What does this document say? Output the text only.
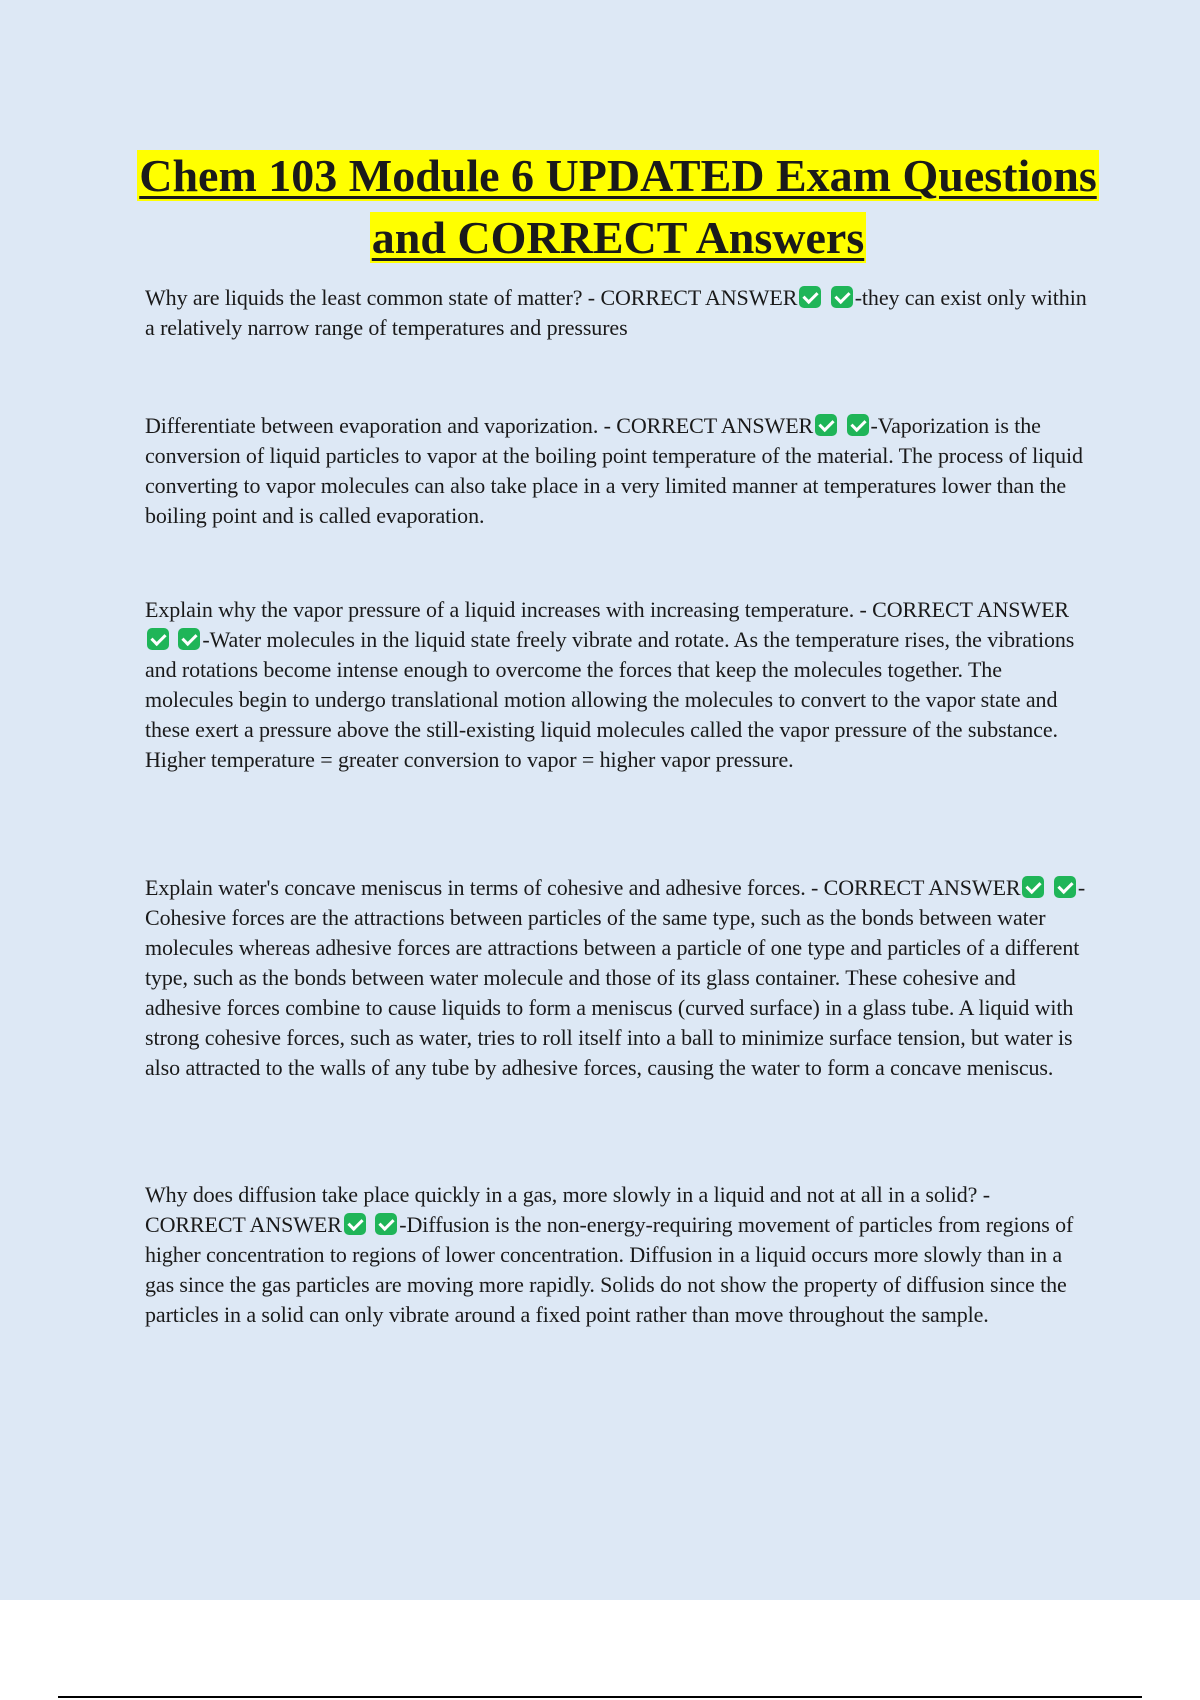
Chem 103 Module 6 UPDATED Exam Questions and CORRECT Answers

Why are liquids the least common state of matter? - CORRECT ANSWER	-they can exist only within a relatively narrow range of temperatures and pressures

Differentiate between evaporation and vaporization. - CORRECT ANSWER	-Vaporization is the conversion of liquid particles to vapor at the boiling point temperature of the material. The process of liquid converting to vapor molecules can also take place in a very limited manner at temperatures lower than the boiling point and is called evaporation.

Explain why the vapor pressure of a liquid increases with increasing temperature. - CORRECT ANSWER -Water molecules in the liquid state freely vibrate and rotate. As the temperature rises, the vibrations and rotations become intense enough to overcome the forces that keep the molecules together. The molecules begin to undergo translational motion allowing the molecules to convert to the vapor state and these exert a pressure above the still-existing liquid molecules called the vapor pressure of the substance. Higher temperature = greater conversion to vapor = higher vapor pressure.

Explain water's concave meniscus in terms of cohesive and adhesive forces. - CORRECT ANSWER	-Cohesive forces are the attractions between particles of the same type, such as the bonds between water molecules whereas adhesive forces are attractions between a particle of one type and particles of a different type, such as the bonds between water molecule and those of its glass container. These cohesive and adhesive forces combine to cause liquids to form a meniscus (curved surface) in a glass tube. A liquid with strong cohesive forces, such as water, tries to roll itself into a ball to minimize surface tension, but water is also attracted to the walls of any tube by adhesive forces, causing the water to form a concave meniscus.

Why does diffusion take place quickly in a gas, more slowly in a liquid and not at all in a solid? - CORRECT ANSWER	-Diffusion is the non-energy-requiring movement of particles from regions of higher concentration to regions of lower concentration. Diffusion in a liquid occurs more slowly than in a gas since the gas particles are moving more rapidly. Solids do not show the property of diffusion since the particles in a solid can only vibrate around a fixed point rather than move throughout the sample.
